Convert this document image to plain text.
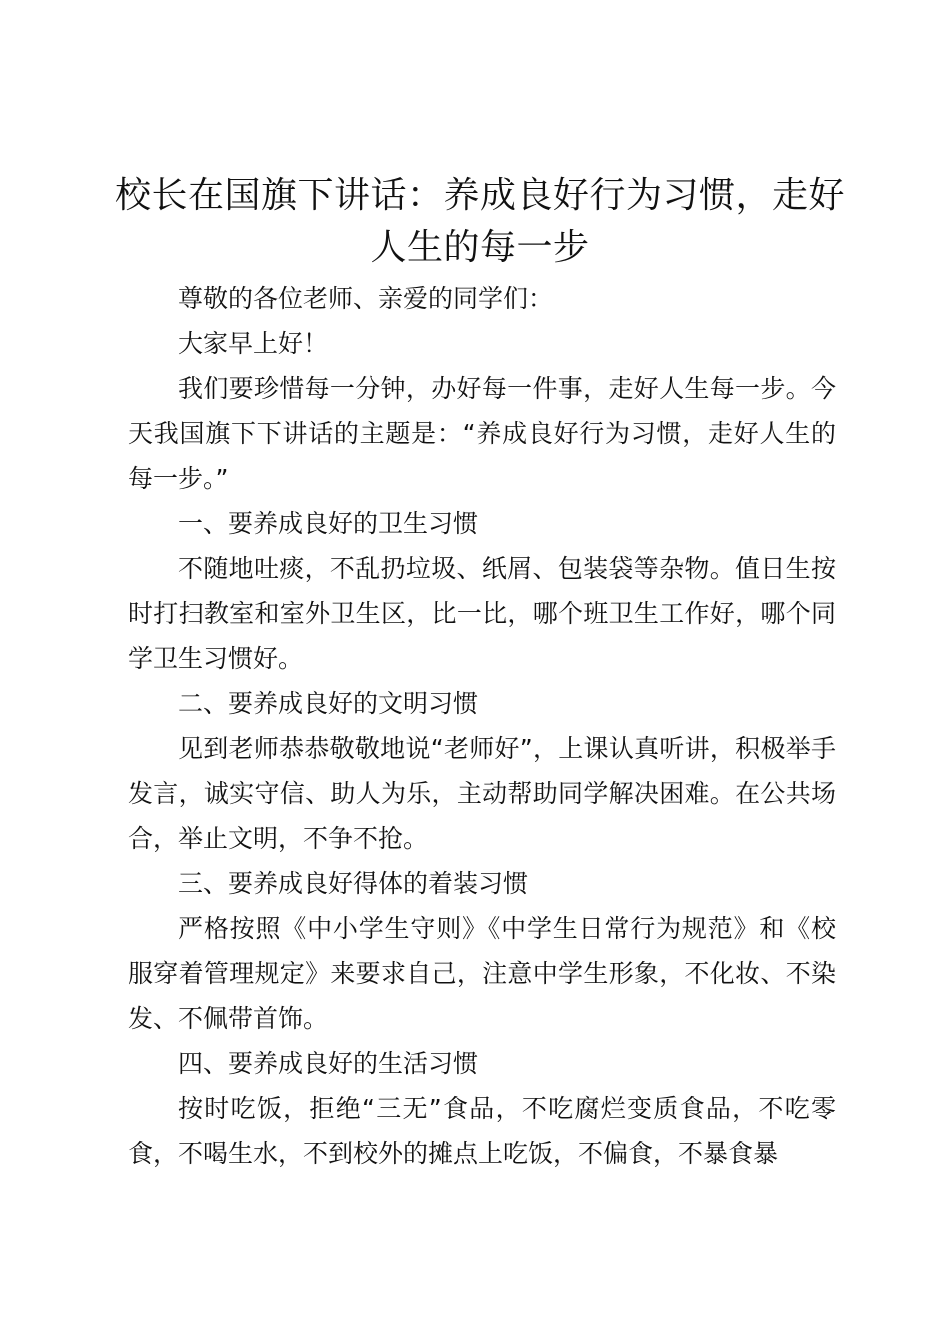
校长在国旗下讲话：养成良好行为习惯，走好人生的每一步

尊敬的各位老师、亲爱的同学们：

大家早上好！

我们要珍惜每一分钟，办好每一件事，走好人生每一步。今天我国旗下下讲话的主题是：“养成良好行为习惯，走好人生的每一步。”

一、要养成良好的卫生习惯

不随地吐痰，不乱扔垃圾、纸屑、包装袋等杂物。值日生按时打扫教室和室外卫生区，比一比，哪个班卫生工作好，哪个同学卫生习惯好。

二、要养成良好的文明习惯

见到老师恭恭敬敬地说“老师好”，上课认真听讲，积极举手发言，诚实守信、助人为乐，主动帮助同学解决困难。在公共场合，举止文明，不争不抢。

三、要养成良好得体的着装习惯

严格按照《中小学生守则》《中学生日常行为规范》和《校服穿着管理规定》来要求自己，注意中学生形象，不化妆、不染发、不佩带首饰。

四、要养成良好的生活习惯

按时吃饭，拒绝“三无”食品，不吃腐烂变质食品，不吃零食，不喝生水，不到校外的摊点上吃饭，不偏食，不暴食暴
